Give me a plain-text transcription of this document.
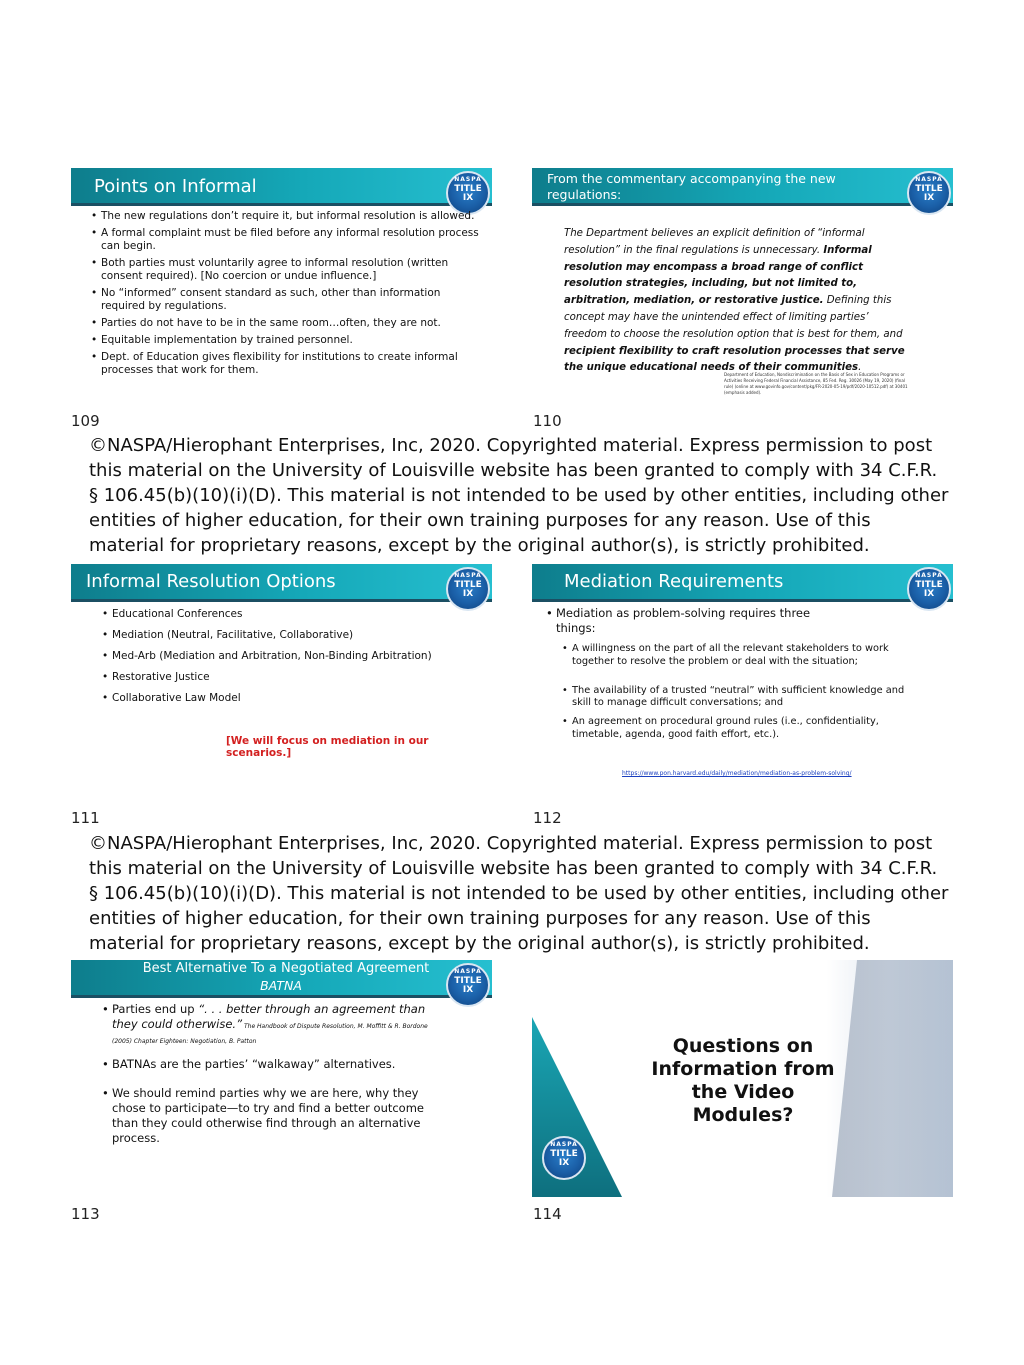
Points on Informal	NASPA
TITLE
IX
• The new regulations don’t require it, but informal resolution is allowed.
• A formal complaint must be filed before any informal resolution process can begin.
• Both parties must voluntarily agree to informal resolution (written consent required). [No coercion or undue influence.]
• No “informed” consent standard as such, other than information required by regulations.
• Parties do not have to be in the same room…often, they are not.
• Equitable implementation by trained personnel.
• Dept. of Education gives flexibility for institutions to create informal processes that work for them.
109
From the commentary accompanying the new regulations:
NASPA
TITLE
IX

The Department believes an explicit definition of “informal resolution” in the final regulations is unnecessary. Informal resolution may encompass a broad range of conflict resolution strategies, including, but not limited to, arbitration, mediation, or restorative justice. Defining this concept may have the unintended effect of limiting parties’ freedom to choose the resolution option that is best for them, and recipient flexibility to craft resolution processes that serve the unique educational needs of their communities.

Department of Education, Nondiscrimination on the Basis of Sex in Education Programs or Activities Receiving Federal Financial Assistance, 85 Fed. Reg. 30026 (May 19, 2020) (final rule) (online at www.govinfo.gov/content/pkg/FR-2020-05-19/pdf/2020-10512.pdf) at 30401 (emphasis added).

110
©NASPA/Hierophant Enterprises, Inc, 2020. Copyrighted material. Express permission to post this material on the University of Louisville website has been granted to comply with 34 C.F.R. § 106.45(b)(10)(i)(D). This material is not intended to be used by other entities, including other entities of higher education, for their own training purposes for any reason. Use of this material for proprietary reasons, except by the original author(s), is strictly prohibited.
Informal Resolution Options	NASPA
TITLE
IX
• Educational Conferences
• Mediation (Neutral, Facilitative, Collaborative)
• Med-Arb (Mediation and Arbitration, Non-Binding Arbitration)
• Restorative Justice
• Collaborative Law Model
[We will focus on mediation in our scenarios.]
111
Mediation Requirements	NASPA
TITLE
IX
• Mediation as problem-solving requires three things:
• A willingness on the part of all the relevant stakeholders to work together to resolve the problem or deal with the situation;
• The availability of a trusted “neutral” with sufficient knowledge and skill to manage difficult conversations; and
• An agreement on procedural ground rules (i.e., confidentiality, timetable, agenda, good faith effort, etc.).
https://www.pon.harvard.edu/daily/mediation/mediation-as-problem-solving/
112
©NASPA/Hierophant Enterprises, Inc, 2020. Copyrighted material. Express permission to post this material on the University of Louisville website has been granted to comply with 34 C.F.R. § 106.45(b)(10)(i)(D). This material is not intended to be used by other entities, including other entities of higher education, for their own training purposes for any reason. Use of this material for proprietary reasons, except by the original author(s), is strictly prohibited.
Best Alternative To a Negotiated Agreement
BATNA
NASPA
TITLE
IX
• Parties end up “. . . better through an agreement than they could otherwise.” The Handbook of Dispute Resolution, M. Moffitt & R. Bordone (2005) Chapter Eighteen: Negotiation, B. Patton
• BATNAs are the parties’ “walkaway” alternatives.
• We should remind parties why we are here, why they chose to participate—to try and find a better outcome than they could otherwise find through an alternative process.
113
NASPA
TITLE
IX
Questions on Information from the Video Modules?
114
